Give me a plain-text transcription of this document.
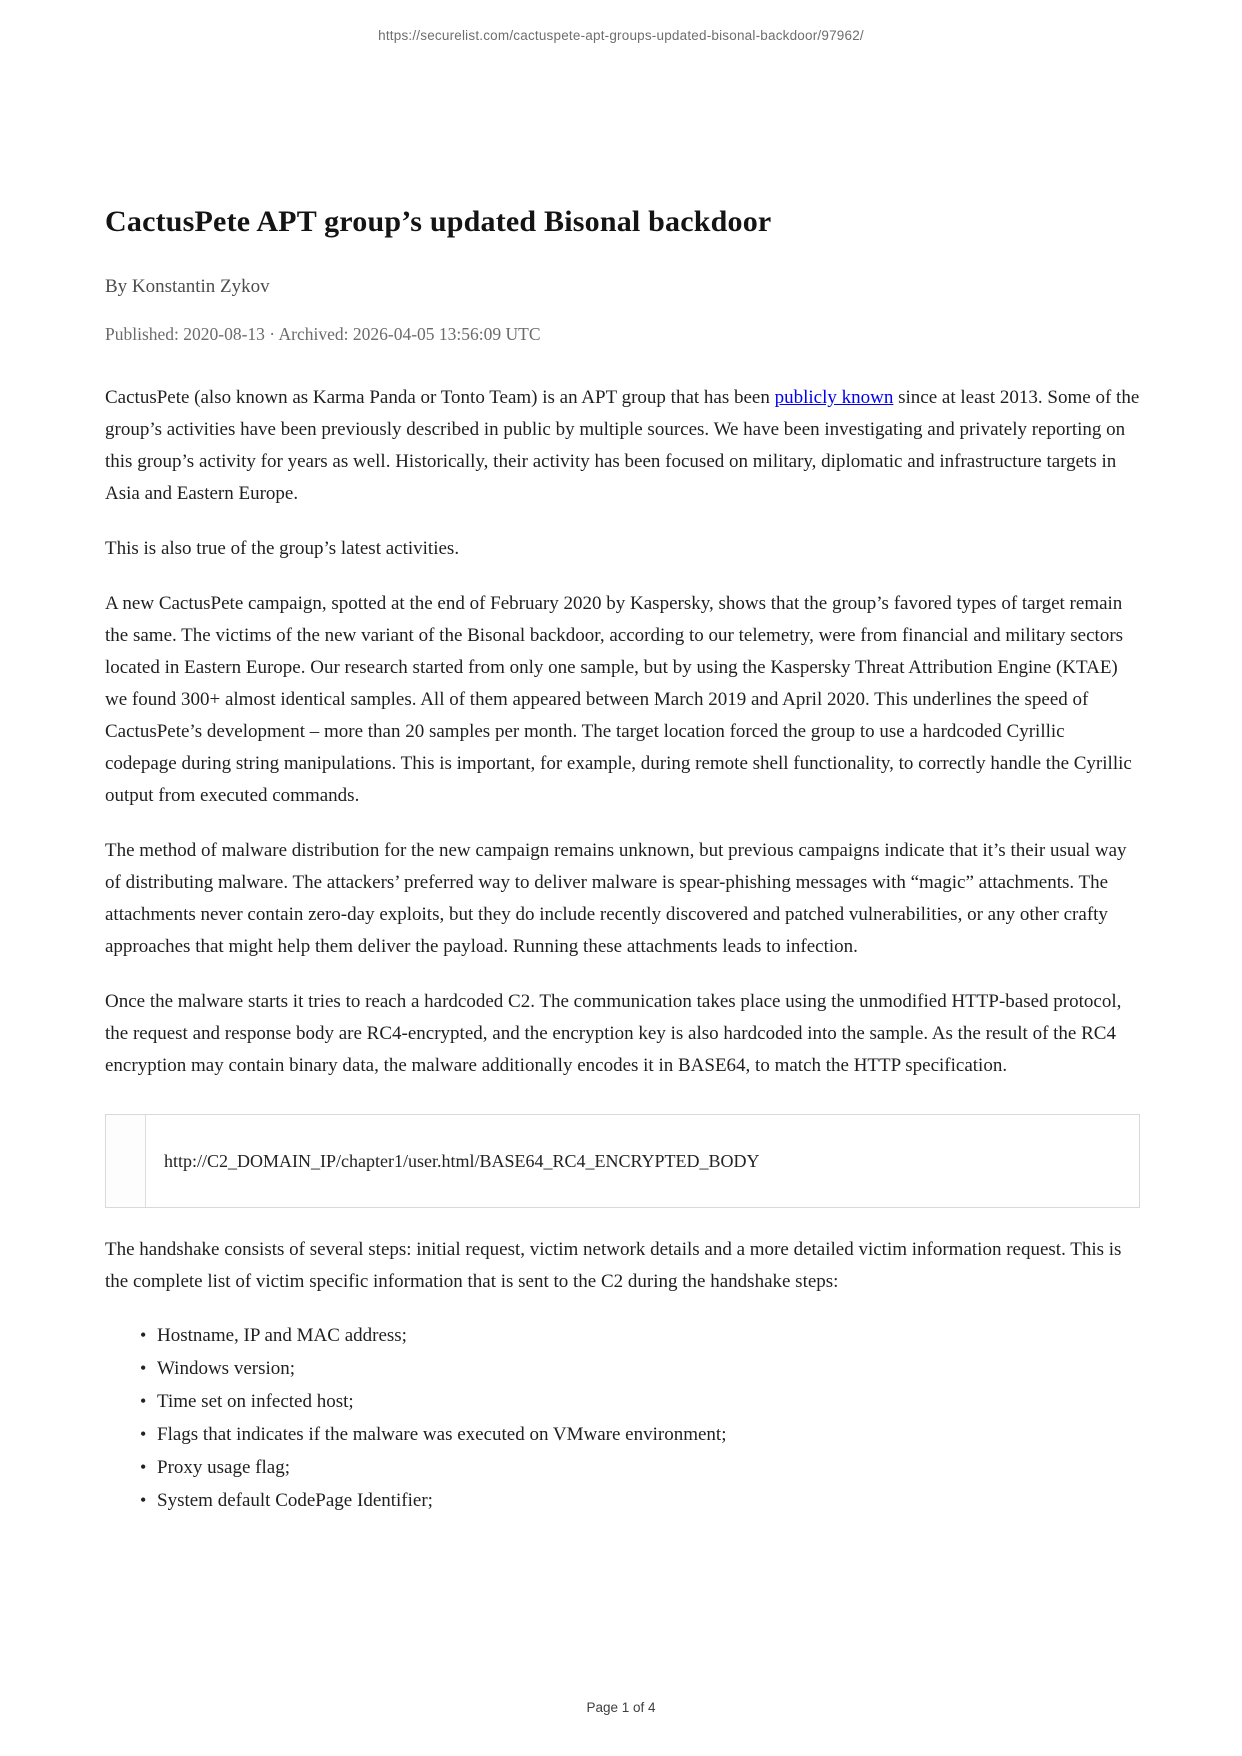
https://securelist.com/cactuspete-apt-groups-updated-bisonal-backdoor/97962/
CactusPete APT group’s updated Bisonal backdoor
By Konstantin Zykov
Published: 2020-08-13 · Archived: 2026-04-05 13:56:09 UTC

CactusPete (also known as Karma Panda or Tonto Team) is an APT group that has been publicly known since at least 2013. Some of the group’s activities have been previously described in public by multiple sources. We have been investigating and privately reporting on this group’s activity for years as well. Historically, their activity has been focused on military, diplomatic and infrastructure targets in Asia and Eastern Europe.

This is also true of the group’s latest activities.

A new CactusPete campaign, spotted at the end of February 2020 by Kaspersky, shows that the group’s favored types of target remain the same. The victims of the new variant of the Bisonal backdoor, according to our telemetry, were from financial and military sectors located in Eastern Europe. Our research started from only one sample, but by using the Kaspersky Threat Attribution Engine (KTAE) we found 300+ almost identical samples. All of them appeared between March 2019 and April 2020. This underlines the speed of CactusPete’s development – more than 20 samples per month. The target location forced the group to use a hardcoded Cyrillic codepage during string manipulations. This is important, for example, during remote shell functionality, to correctly handle the Cyrillic output from executed commands.

The method of malware distribution for the new campaign remains unknown, but previous campaigns indicate that it’s their usual way of distributing malware. The attackers’ preferred way to deliver malware is spear-phishing messages with “magic” attachments. The attachments never contain zero-day exploits, but they do include recently discovered and patched vulnerabilities, or any other crafty approaches that might help them deliver the payload. Running these attachments leads to infection.

Once the malware starts it tries to reach a hardcoded C2. The communication takes place using the unmodified HTTP-based protocol, the request and response body are RC4-encrypted, and the encryption key is also hardcoded into the sample. As the result of the RC4 encryption may contain binary data, the malware additionally encodes it in BASE64, to match the HTTP specification.

http://C2_DOMAIN_IP/chapter1/user.html/BASE64_RC4_ENCRYPTED_BODY

The handshake consists of several steps: initial request, victim network details and a more detailed victim information request. This is the complete list of victim specific information that is sent to the C2 during the handshake steps:

• Hostname, IP and MAC address;
• Windows version;
• Time set on infected host;
• Flags that indicates if the malware was executed on VMware environment;
• Proxy usage flag;
• System default CodePage Identifier;
Page 1 of 4
